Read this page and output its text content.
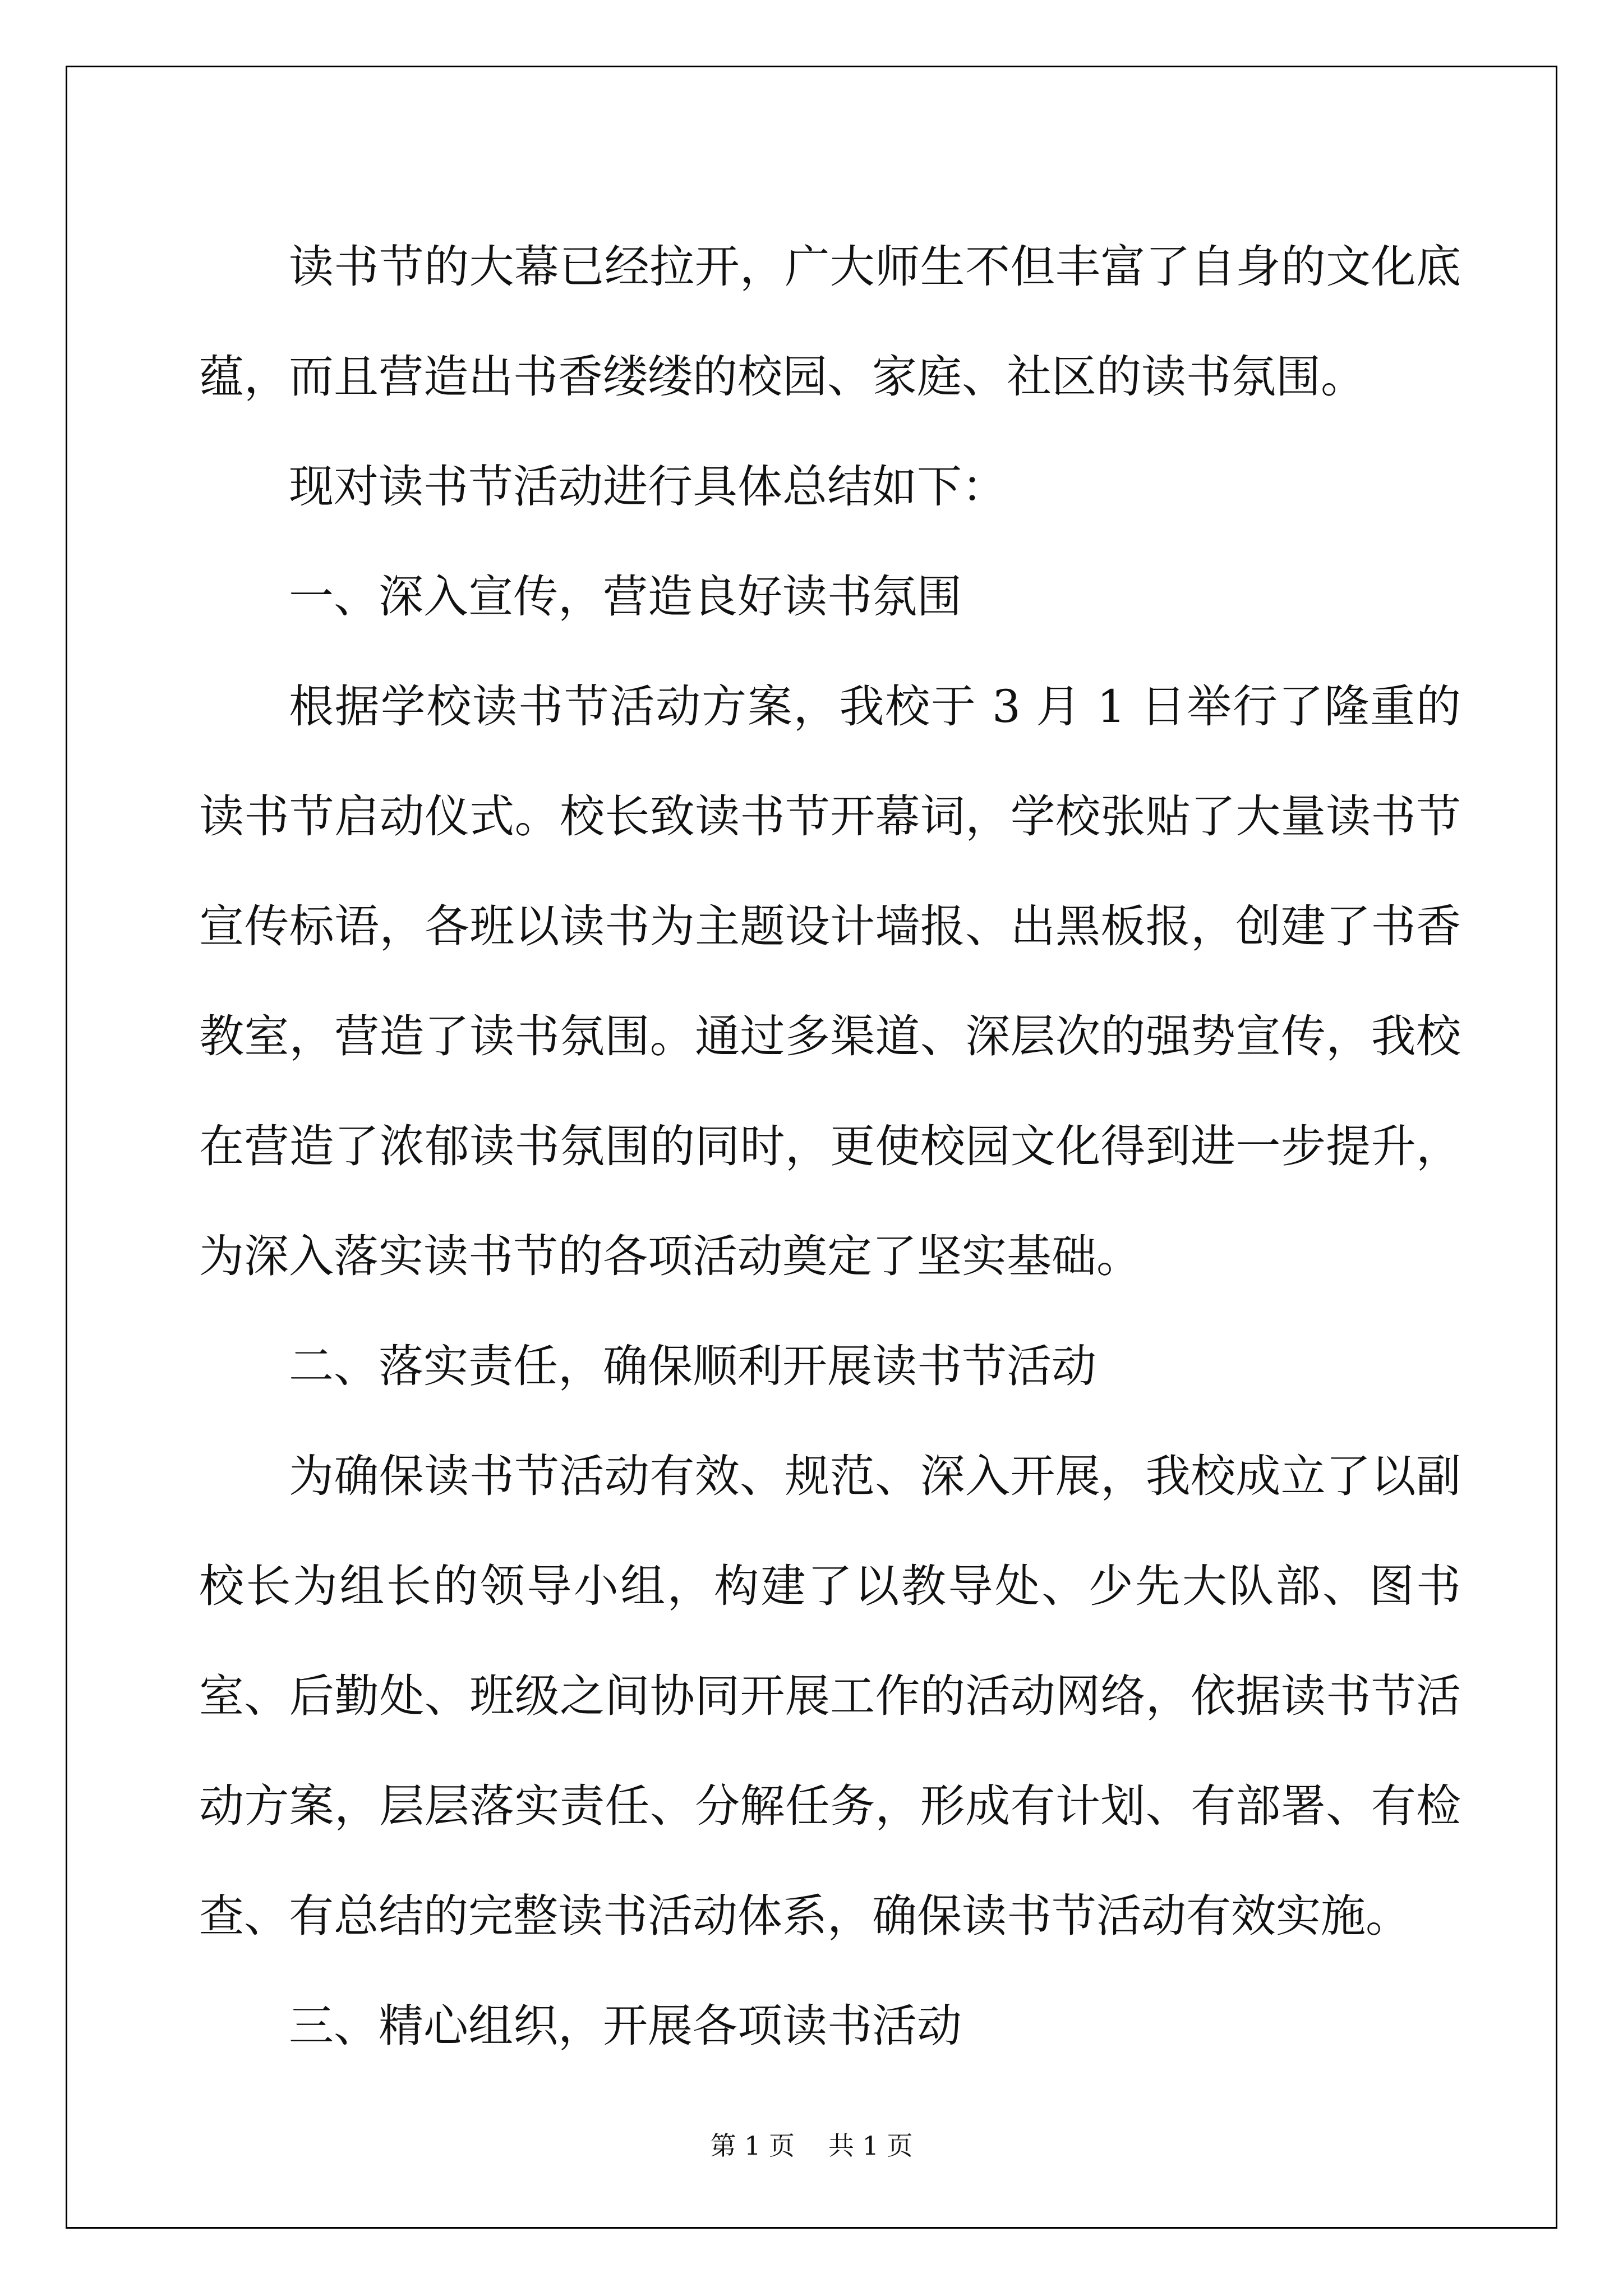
读书节的大幕已经拉开，广大师生不但丰富了自身的文化底蕴，而且营造出书香缕缕的校园、家庭、社区的读书氛围。

现对读书节活动进行具体总结如下：

一、深入宣传，营造良好读书氛围

根据学校读书节活动方案，我校于 3 月 1 日举行了隆重的读书节启动仪式。校长致读书节开幕词，学校张贴了大量读书节宣传标语，各班以读书为主题设计墙报、出黑板报，创建了书香教室，营造了读书氛围。通过多渠道、深层次的强势宣传，我校在营造了浓郁读书氛围的同时，更使校园文化得到进一步提升，为深入落实读书节的各项活动奠定了坚实基础。

二、落实责任，确保顺利开展读书节活动

为确保读书节活动有效、规范、深入开展，我校成立了以副校长为组长的领导小组，构建了以教导处、少先大队部、图书室、后勤处、班级之间协同开展工作的活动网络，依据读书节活动方案，层层落实责任、分解任务，形成有计划、有部署、有检查、有总结的完整读书活动体系，确保读书节活动有效实施。

三、精心组织，开展各项读书活动

第 1 页 共 1 页
